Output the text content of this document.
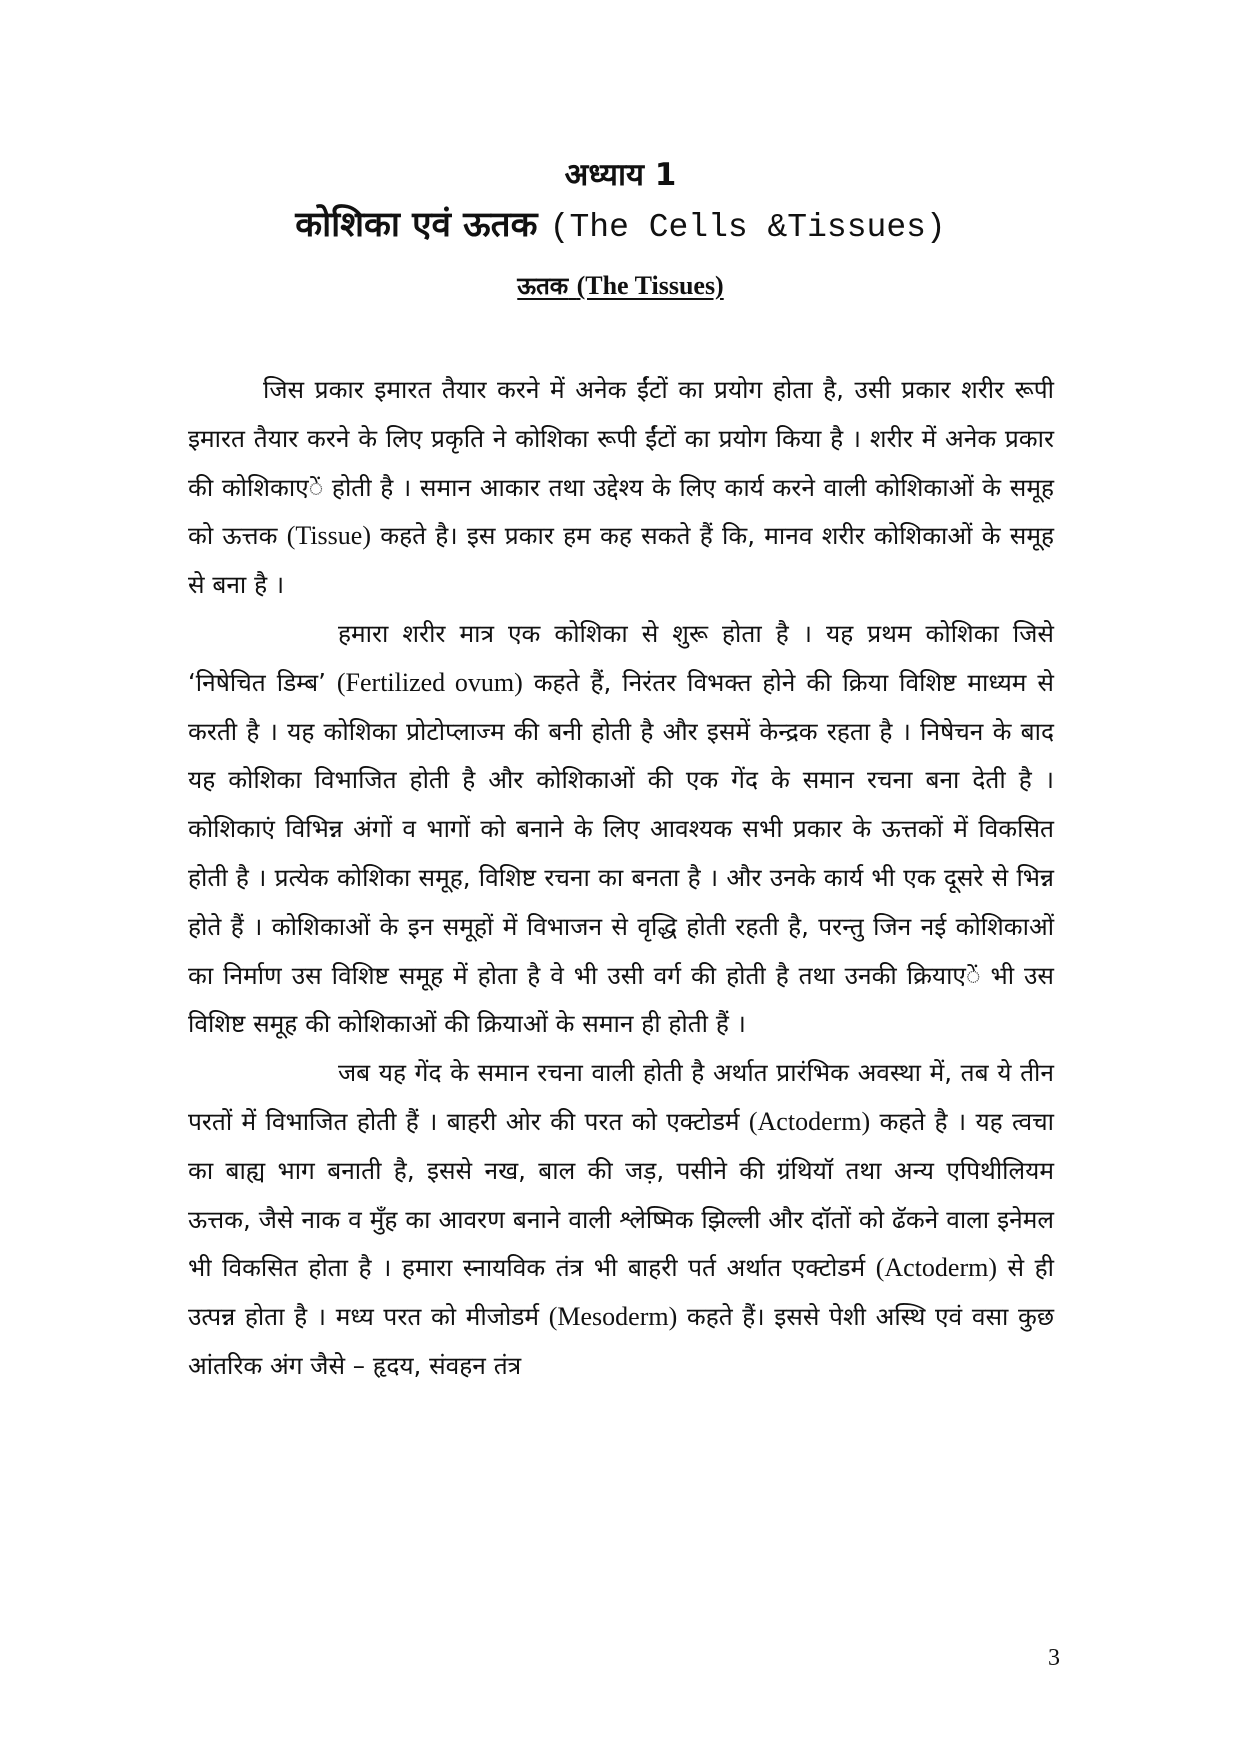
अध्याय 1
कोशिका एवं ऊतक (The Cells &Tissues)
ऊतक (The Tissues)

जिस प्रकार इमारत तैयार करने में अनेक ईंटों का प्रयोग होता है, उसी प्रकार शरीर रूपी इमारत तैयार करने के लिए प्रकृति ने कोशिका रूपी ईंटों का प्रयोग किया है । शरीर में अनेक प्रकार की कोशिकाएें होती है । समान आकार तथा उद्देश्य के लिए कार्य करने वाली कोशिकाओं के समूह को ऊत्तक (Tissue) कहते है। इस प्रकार हम कह सकते हैं कि, मानव शरीर कोशिकाओं के समूह से बना है ।

हमारा शरीर मात्र एक कोशिका से शुरू होता है । यह प्रथम कोशिका जिसे ‘निषेचित डिम्ब’ (Fertilized ovum) कहते हैं, निरंतर विभक्त होने की क्रिया विशिष्ट माध्यम से करती है । यह कोशिका प्रोटोप्लाज्म की बनी होती है और इसमें केन्द्रक रहता है । निषेचन के बाद यह कोशिका विभाजित होती है और कोशिकाओं की एक गेंद के समान रचना बना देती है । कोशिकाएं विभिन्न अंगों व भागों को बनाने के लिए आवश्यक सभी प्रकार के ऊत्तकों में विकसित होती है । प्रत्येक कोशिका समूह, विशिष्ट रचना का बनता है । और उनके कार्य भी एक दूसरे से भिन्न होते हैं । कोशिकाओं के इन समूहों में विभाजन से वृद्धि होती रहती है, परन्तु जिन नई कोशिकाओं का निर्माण उस विशिष्ट समूह में होता है वे भी उसी वर्ग की होती है तथा उनकी क्रियाएें भी उस विशिष्ट समूह की कोशिकाओं की क्रियाओं के समान ही होती हैं ।

जब यह गेंद के समान रचना वाली होती है अर्थात प्रारंभिक अवस्था में, तब ये तीन परतों में विभाजित होती हैं । बाहरी ओर की परत को एक्टोडर्म (Actoderm) कहते है । यह त्वचा का बाह्य भाग बनाती है, इससे नख, बाल की जड़, पसीने की ग्रंथियॉ तथा अन्य एपिथीलियम ऊत्तक, जैसे नाक व मुँह का आवरण बनाने वाली श्लेष्मिक झिल्ली और दॉतों को ढॅकने वाला इनेमल भी विकसित होता है । हमारा स्नायविक तंत्र भी बाहरी पर्त अर्थात एक्टोडर्म (Actoderm) से ही उत्पन्न होता है । मध्य परत को मीजोडर्म (Mesoderm) कहते हैं। इससे पेशी अस्थि एवं वसा कुछ आंतरिक अंग जैसे – हृदय, संवहन तंत्र

3
